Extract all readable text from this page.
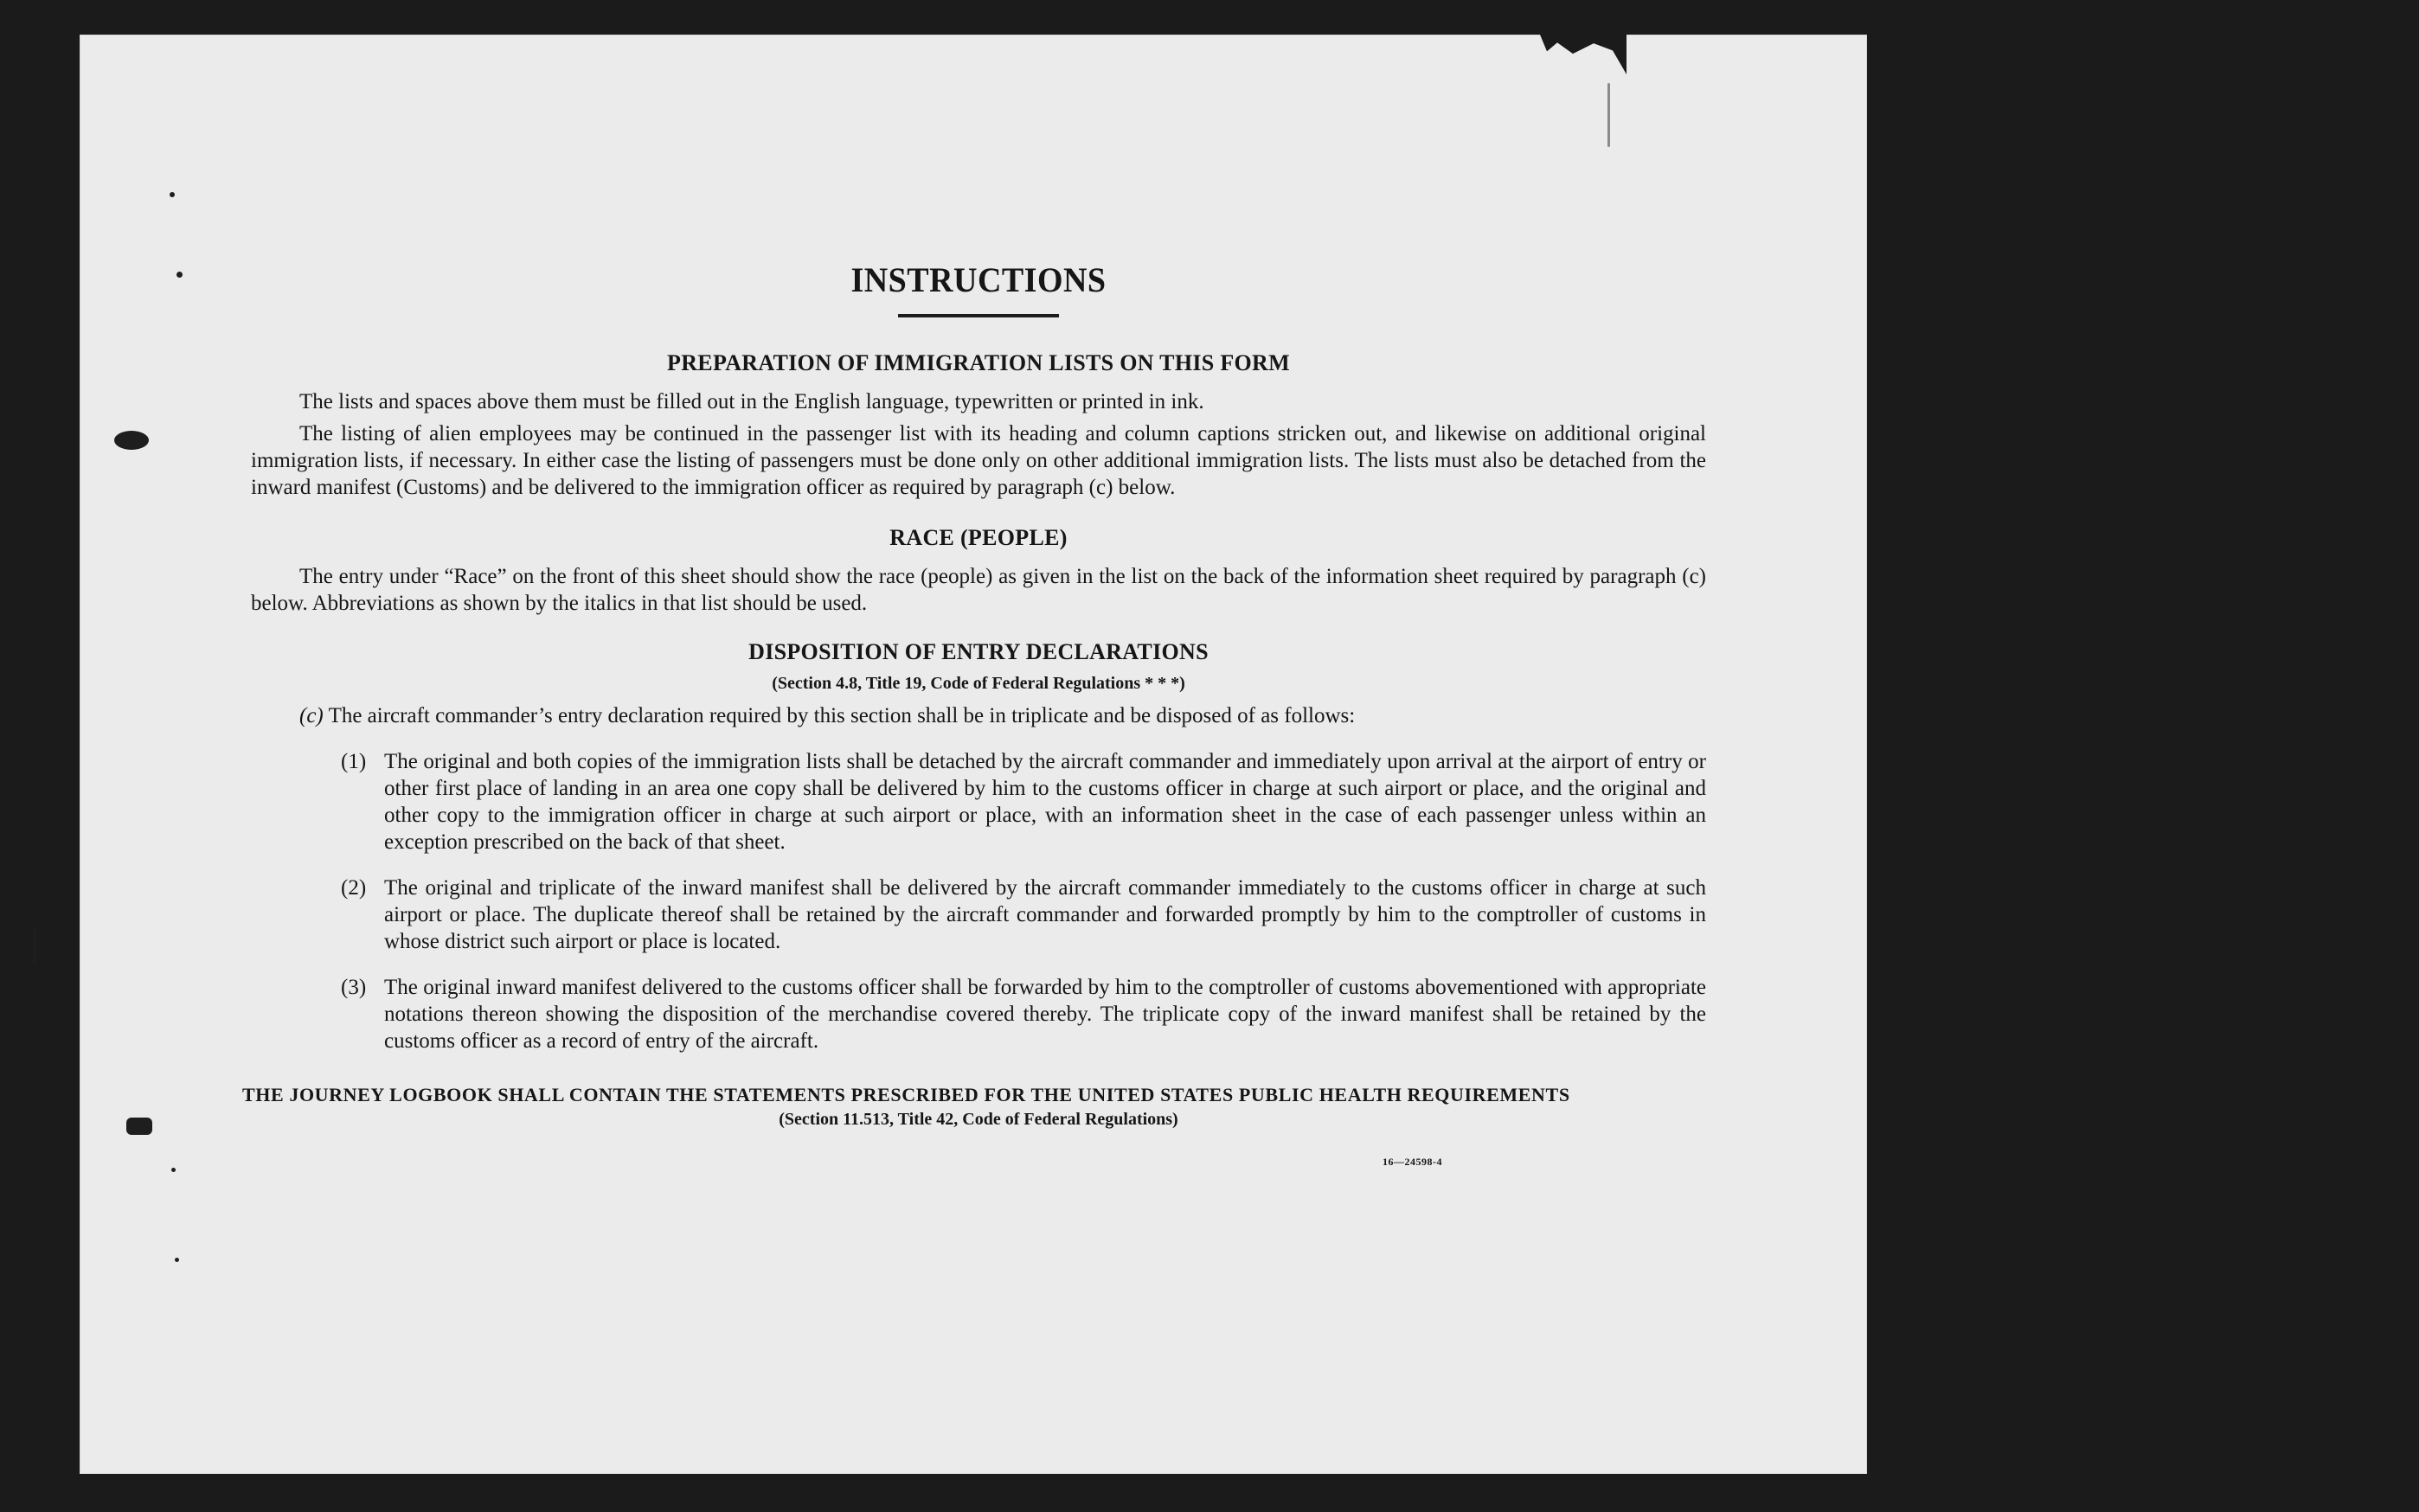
INSTRUCTIONS
PREPARATION OF IMMIGRATION LISTS ON THIS FORM

The lists and spaces above them must be filled out in the English language, typewritten or printed in ink.

The listing of alien employees may be continued in the passenger list with its heading and column captions stricken out, and likewise on additional original immigration lists, if necessary. In either case the listing of passengers must be done only on other additional immigration lists. The lists must also be detached from the inward manifest (Customs) and be delivered to the immigration officer as required by paragraph (c) below.

RACE (PEOPLE)

The entry under “Race” on the front of this sheet should show the race (people) as given in the list on the back of the information sheet required by paragraph (c) below. Abbreviations as shown by the italics in that list should be used.

DISPOSITION OF ENTRY DECLARATIONS

(Section 4.8, Title 19, Code of Federal Regulations * * *)

(c) The aircraft commander’s entry declaration required by this section shall be in triplicate and be disposed of as follows:

(1) The original and both copies of the immigration lists shall be detached by the aircraft commander and immediately upon arrival at the airport of entry or other first place of landing in an area one copy shall be delivered by him to the customs officer in charge at such airport or place, and the original and other copy to the immigration officer in charge at such airport or place, with an information sheet in the case of each passenger unless within an exception prescribed on the back of that sheet.
(2) The original and triplicate of the inward manifest shall be delivered by the aircraft commander immediately to the customs officer in charge at such airport or place. The duplicate thereof shall be retained by the aircraft commander and forwarded promptly by him to the comptroller of customs in whose district such airport or place is located.
(3) The original inward manifest delivered to the customs officer shall be forwarded by him to the comptroller of customs abovementioned with appropriate notations thereon showing the disposition of the merchandise covered thereby. The triplicate copy of the inward manifest shall be retained by the customs officer as a record of entry of the aircraft.

THE JOURNEY LOGBOOK SHALL CONTAIN THE STATEMENTS PRESCRIBED FOR THE UNITED STATES PUBLIC HEALTH REQUIREMENTS

(Section 11.513, Title 42, Code of Federal Regulations)

16—24598-4
